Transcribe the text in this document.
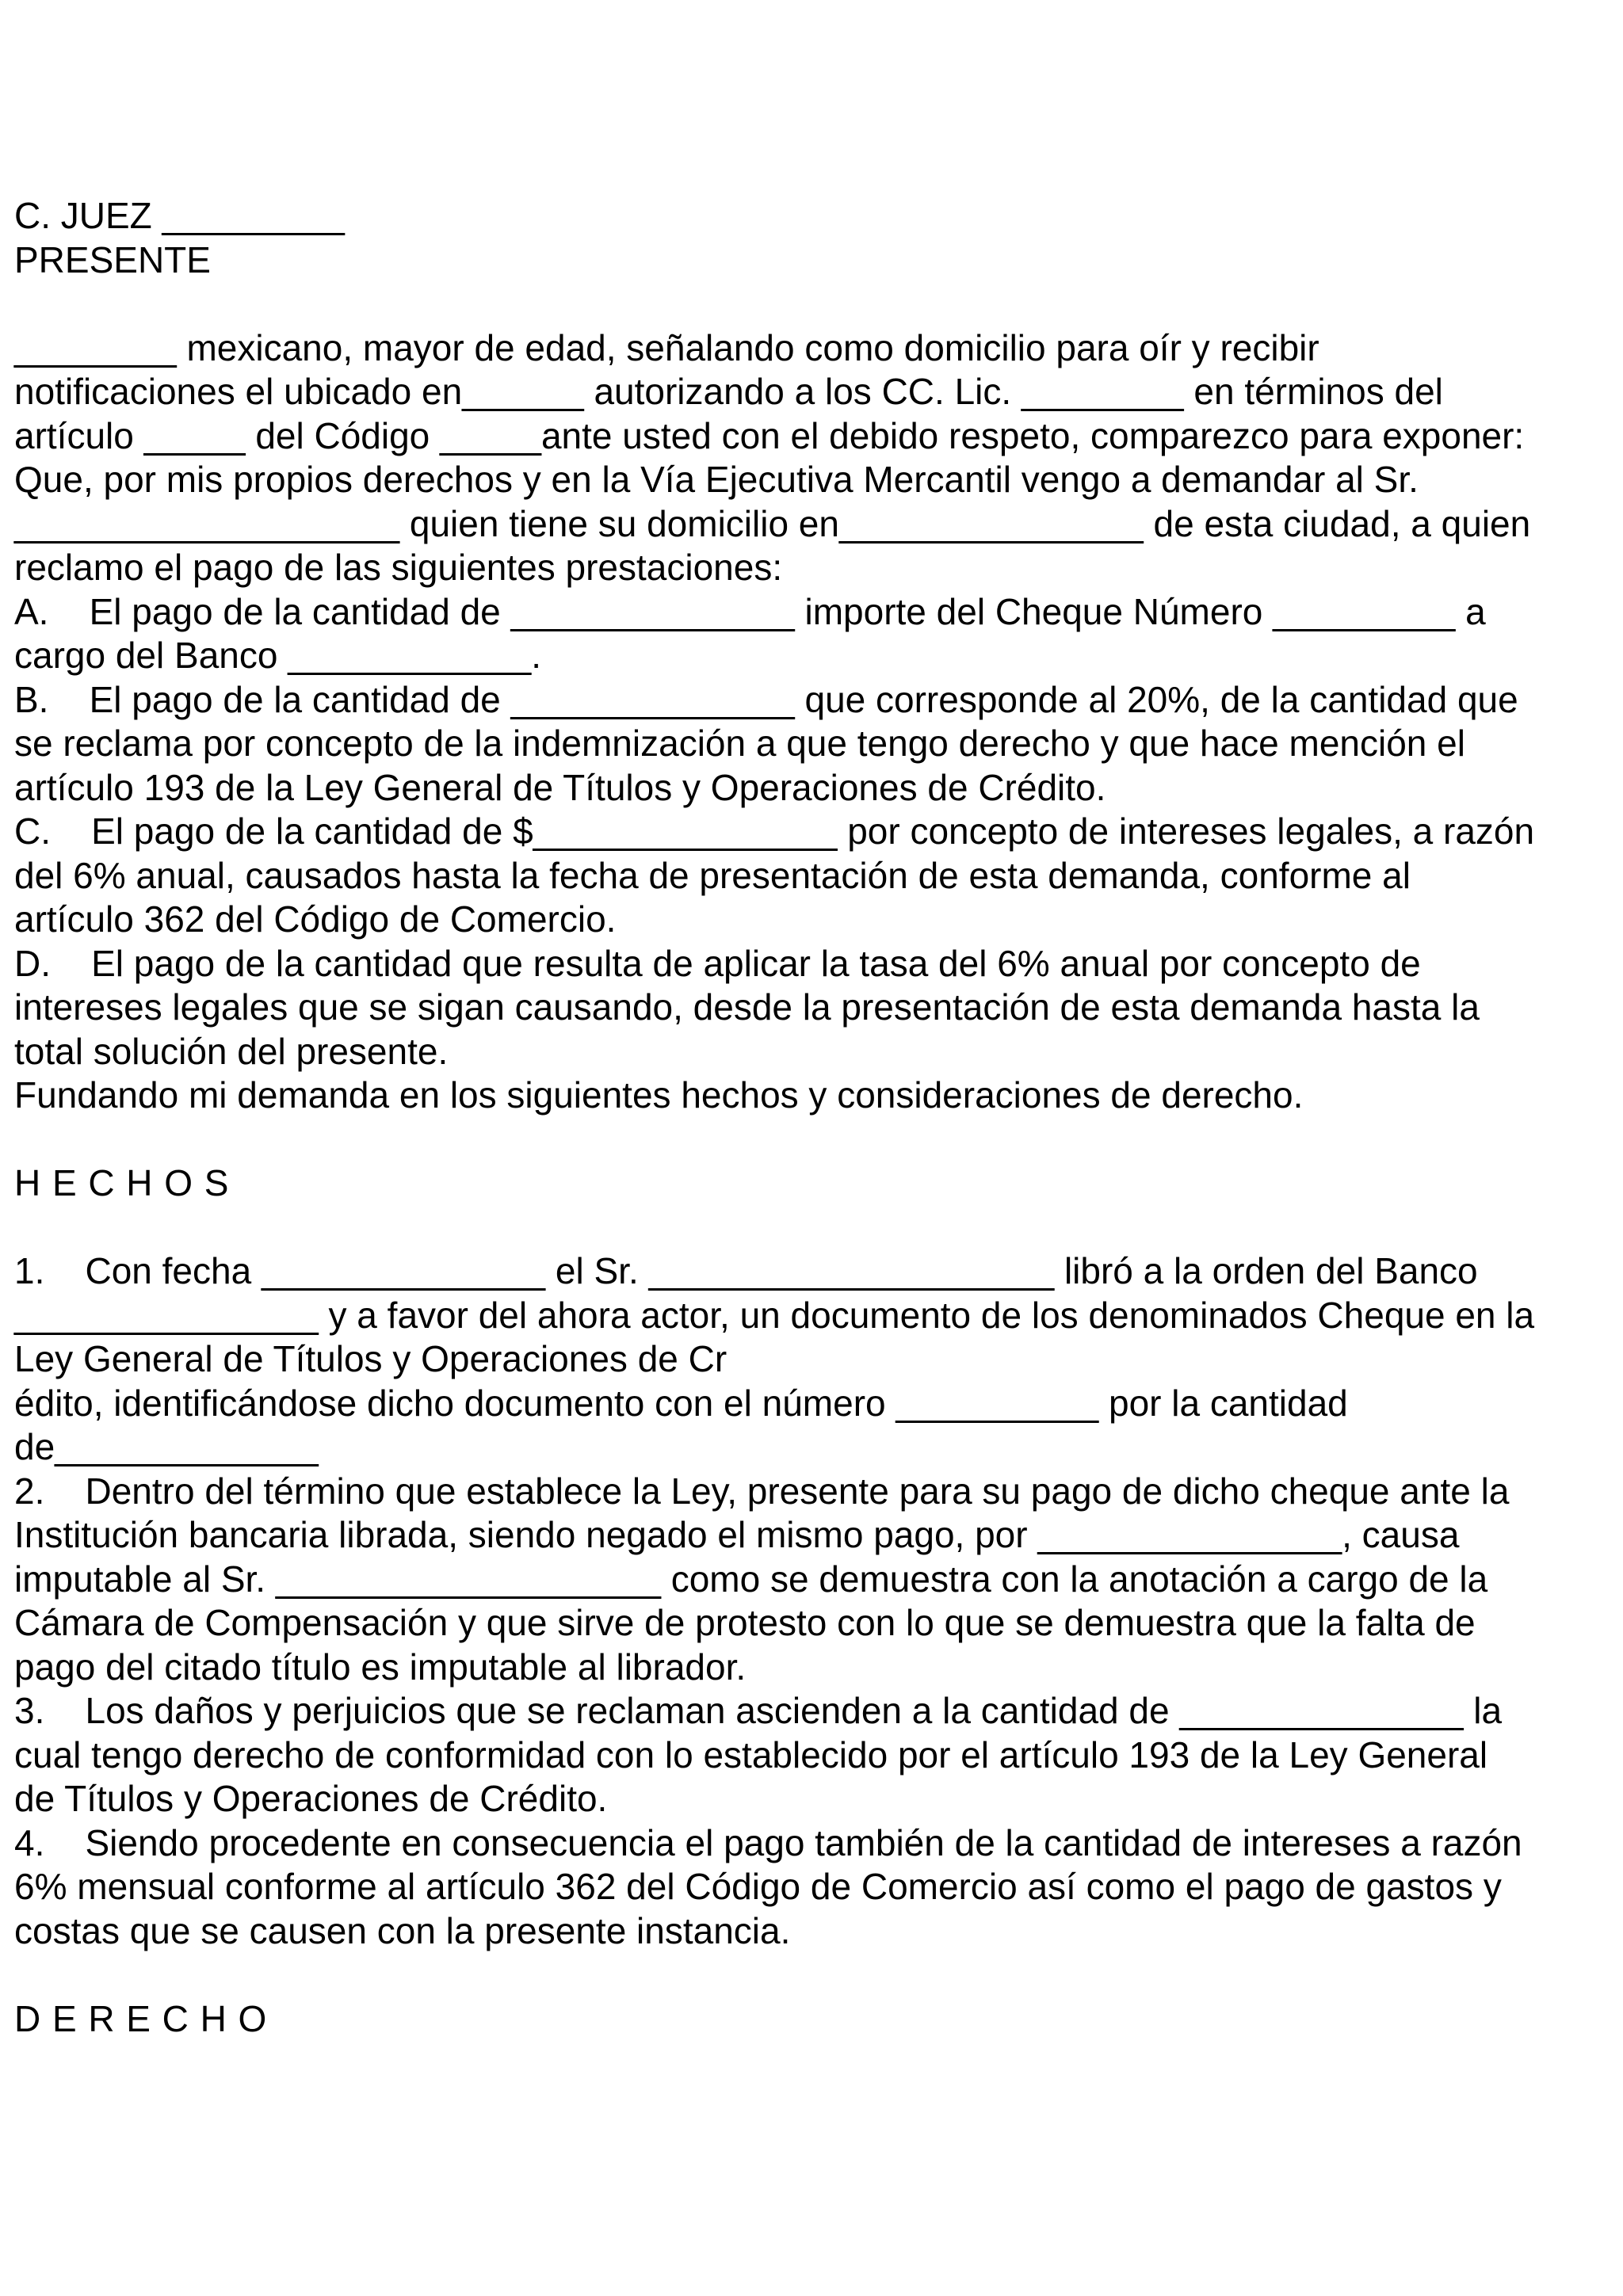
C. JUEZ _________
PRESENTE
________ mexicano, mayor de edad, señalando como domicilio para oír y recibir
notificaciones el ubicado en______ autorizando a los CC. Lic. ________ en términos del
artículo _____ del Código _____ante usted con el debido respeto, comparezco para exponer:
Que, por mis propios derechos y en la Vía Ejecutiva Mercantil vengo a demandar al Sr.
___________________ quien tiene su domicilio en_______________ de esta ciudad, a quien
reclamo el pago de las siguientes prestaciones:
A.    El pago de la cantidad de ______________ importe del Cheque Número _________ a
cargo del Banco ____________.
B.    El pago de la cantidad de ______________ que corresponde al 20%, de la cantidad que
se reclama por concepto de la indemnización a que tengo derecho y que hace mención el
artículo 193 de la Ley General de Títulos y Operaciones de Crédito.
C.    El pago de la cantidad de $_______________ por concepto de intereses legales, a razón
del 6% anual, causados hasta la fecha de presentación de esta demanda, conforme al
artículo 362 del Código de Comercio.
D.    El pago de la cantidad que resulta de aplicar la tasa del 6% anual por concepto de
intereses legales que se sigan causando, desde la presentación de esta demanda hasta la
total solución del presente.
Fundando mi demanda en los siguientes hechos y consideraciones de derecho.
HECHOS
1.    Con fecha ______________ el Sr. ____________________ libró a la orden del Banco
_______________ y a favor del ahora actor, un documento de los denominados Cheque en la
Ley General de Títulos y Operaciones de Cr
édito, identificándose dicho documento con el número __________ por la cantidad
de_____________
2.    Dentro del término que establece la Ley, presente para su pago de dicho cheque ante la
Institución bancaria librada, siendo negado el mismo pago, por _______________, causa
imputable al Sr. ___________________ como se demuestra con la anotación a cargo de la
Cámara de Compensación y que sirve de protesto con lo que se demuestra que la falta de
pago del citado título es imputable al librador.
3.    Los daños y perjuicios que se reclaman ascienden a la cantidad de ______________ la
cual tengo derecho de conformidad con lo establecido por el artículo 193 de la Ley General
de Títulos y Operaciones de Crédito.
4.    Siendo procedente en consecuencia el pago también de la cantidad de intereses a razón
6% mensual conforme al artículo 362 del Código de Comercio así como el pago de gastos y
costas que se causen con la presente instancia.
DERECHO
